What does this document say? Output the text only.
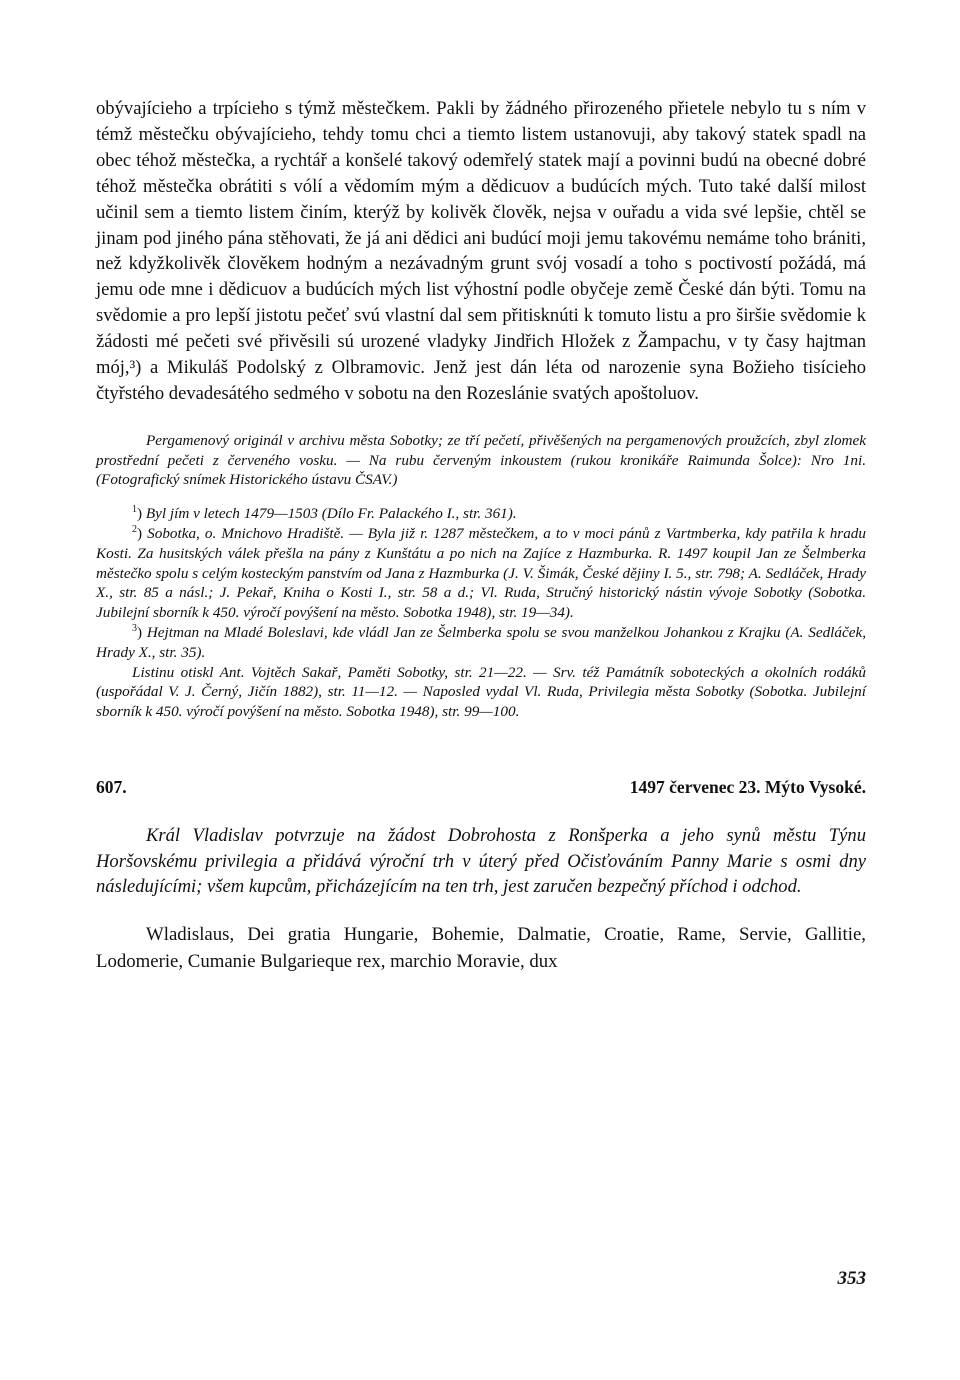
obývajícieho a trpícieho s týmž městečkem. Pakli by žádného přirozeného přietele nebylo tu s ním v témž městečku obývajícieho, tehdy tomu chci a tiemto listem ustanovuji, aby takový statek spadl na obec téhož městečka, a rychtář a konšelé takový odemřelý statek mají a povinni budú na obecné dobré téhož městečka obrátiti s vólí a vědomím mým a dědicuov a budúcích mých. Tuto také další milost učinil sem a tiemto listem činím, kterýž by kolivěk člověk, nejsa v ouřadu a vida své lepšie, chtěl se jinam pod jiného pána stěhovati, že já ani dědici ani budúcí moji jemu takovému nemáme toho brániti, než kdyžkolivěk člověkem hodným a nezávadným grunt svój vosadí a toho s poctivostí požádá, má jemu ode mne i dědicuov a budúcích mých list výhostní podle obyčeje země České dán býti. Tomu na svědomie a pro lepší jistotu pečeť svú vlastní dal sem přitisknúti k tomuto listu a pro širšie svědomie k žádosti mé pečeti své přivěsili sú urozené vladyky Jindřich Hložek z Žampachu, v ty časy hajtman mój,³) a Mikuláš Podolský z Olbramovic. Jenž jest dán léta od narozenie syna Božieho tisícieho čtyřstého devadesátého sedmého v sobotu na den Rozeslánie svatých apoštoluov.

Pergamenový originál v archivu města Sobotky; ze tří pečetí, přivěšených na pergamenových proužcích, zbyl zlomek prostřední pečeti z červeného vosku. — Na rubu červeným inkoustem (rukou kronikáře Raimunda Šolce): Nro 1ni. (Fotografický snímek Historického ústavu ČSAV.)

$^1$) Byl jím v letech 1479—1503 (Dílo Fr. Palackého I., str. 361).

$^2$) Sobotka, o. Mnichovo Hradiště. — Byla již r. 1287 městečkem, a to v moci pánů z Vartmberka, kdy patřila k hradu Kosti. Za husitských válek přešla na pány z Kunštátu a po nich na Zajíce z Hazmburka. R. 1497 koupil Jan ze Šelmberka městečko spolu s celým kosteckým panstvím od Jana z Hazmburka (J. V. Šimák, České dějiny I. 5., str. 798; A. Sedláček, Hrady X., str. 85 a násl.; J. Pekař, Kniha o Kosti I., str. 58 a d.; Vl. Ruda, Stručný historický nástin vývoje Sobotky (Sobotka. Jubilejní sborník k 450. výročí povýšení na město. Sobotka 1948), str. 19—34).

$^3$) Hejtman na Mladé Boleslavi, kde vládl Jan ze Šelmberka spolu se svou manželkou Johankou z Krajku (A. Sedláček, Hrady X., str. 35).

Listinu otiskl Ant. Vojtěch Sakař, Paměti Sobotky, str. 21—22. — Srv. též Památník soboteckých a okolních rodáků (uspořádal V. J. Černý, Jičín 1882), str. 11—12. — Naposled vydal Vl. Ruda, Privilegia města Sobotky (Sobotka. Jubilejní sborník k 450. výročí povýšení na město. Sobotka 1948), str. 99—100.

607.	1497 červenec 23. Mýto Vysoké.

Král Vladislav potvrzuje na žádost Dobrohosta z Ronšperka a jeho synů městu Týnu Horšovskému privilegia a přidává výroční trh v úterý před Očisťováním Panny Marie s osmi dny následujícími; všem kupcům, přicházejícím na ten trh, jest zaručen bezpečný příchod i odchod.

Wladislaus, Dei gratia Hungarie, Bohemie, Dalmatie, Croatie, Rame, Servie, Gallitie, Lodomerie, Cumanie Bulgarieque rex, marchio Moravie, dux

353
